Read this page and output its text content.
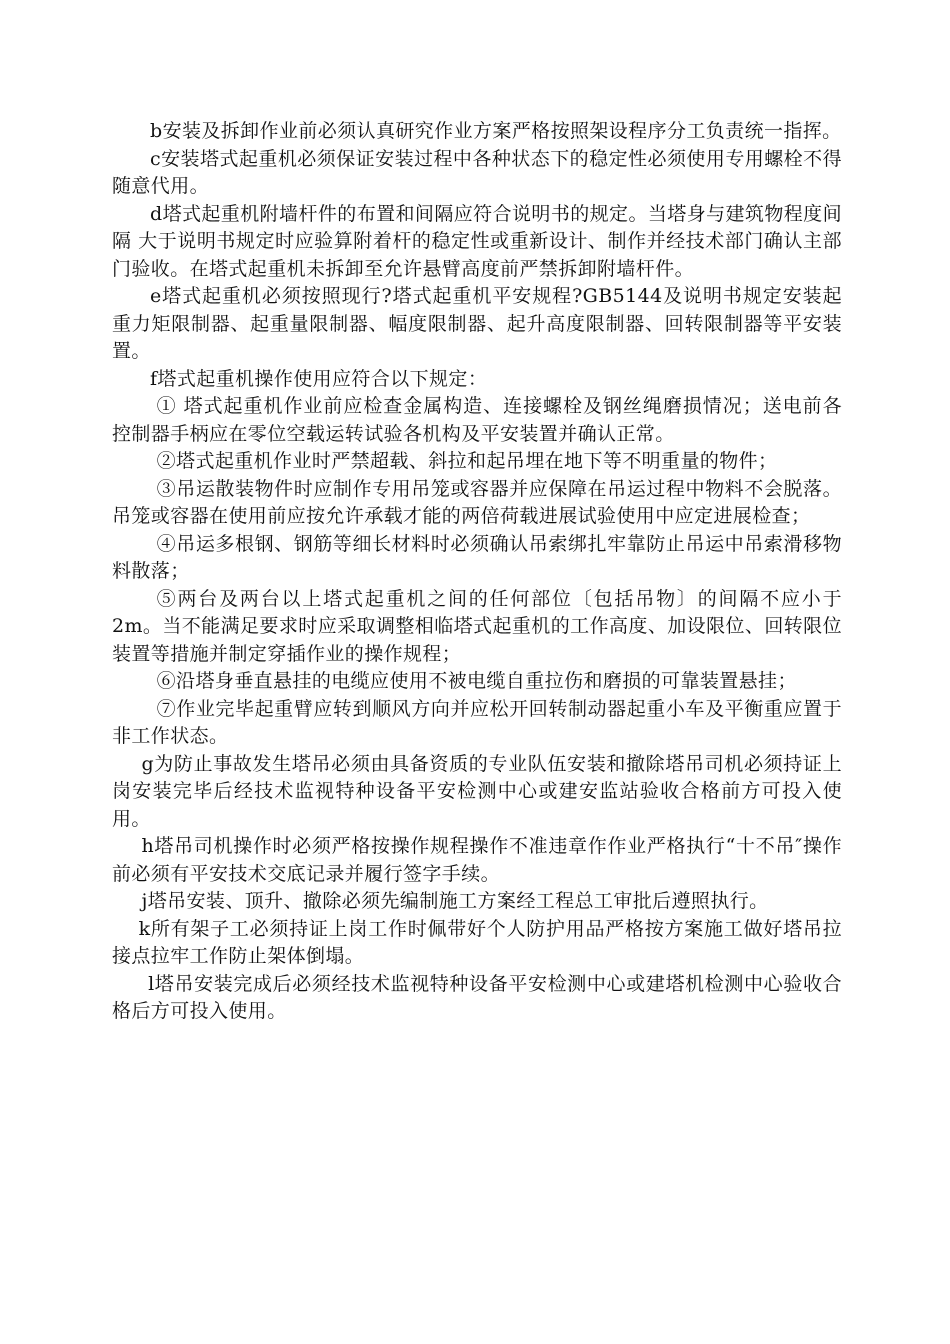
b安装及拆卸作业前必须认真研究作业方案严格按照架设程序分工负责统一指挥。

c安装塔式起重机必须保证安装过程中各种状态下的稳定性必须使用专用螺栓不得随意代用。

d塔式起重机附墙杆件的布置和间隔应符合说明书的规定。当塔身与建筑物程度间隔 大于说明书规定时应验算附着杆的稳定性或重新设计、制作并经技术部门确认主部门验收。在塔式起重机未拆卸至允许悬臂高度前严禁拆卸附墙杆件。

e塔式起重机必须按照现行?塔式起重机平安规程?GB5144及说明书规定安装起重力矩限制器、起重量限制器、幅度限制器、起升高度限制器、回转限制器等平安装置。

f塔式起重机操作使用应符合以下规定：

① 塔式起重机作业前应检查金属构造、连接螺栓及钢丝绳磨损情况；送电前各控制器手柄应在零位空载运转试验各机构及平安装置并确认正常。

②塔式起重机作业时严禁超载、斜拉和起吊埋在地下等不明重量的物件；

③吊运散装物件时应制作专用吊笼或容器并应保障在吊运过程中物料不会脱落。吊笼或容器在使用前应按允许承载才能的两倍荷载进展试验使用中应定进展检查；

④吊运多根钢、钢筋等细长材料时必须确认吊索绑扎牢靠防止吊运中吊索滑移物料散落；

⑤两台及两台以上塔式起重机之间的任何部位〔包括吊物〕的间隔不应小于2m。当不能满足要求时应采取调整相临塔式起重机的工作高度、加设限位、回转限位装置等措施并制定穿插作业的操作规程；

⑥沿塔身垂直悬挂的电缆应使用不被电缆自重拉伤和磨损的可靠装置悬挂；

⑦作业完毕起重臂应转到顺风方向并应松开回转制动器起重小车及平衡重应置于非工作状态。

g为防止事故发生塔吊必须由具备资质的专业队伍安装和撤除塔吊司机必须持证上岗安装完毕后经技术监视特种设备平安检测中心或建安监站验收合格前方可投入使用。

h塔吊司机操作时必须严格按操作规程操作不准违章作作业严格执行“十不吊″操作前必须有平安技术交底记录并履行签字手续。

j塔吊安装、顶升、撤除必须先编制施工方案经工程总工审批后遵照执行。

k所有架子工必须持证上岗工作时佩带好个人防护用品严格按方案施工做好塔吊拉接点拉牢工作防止架体倒塌。

l塔吊安装完成后必须经技术监视特种设备平安检测中心或建塔机检测中心验收合格后方可投入使用。
